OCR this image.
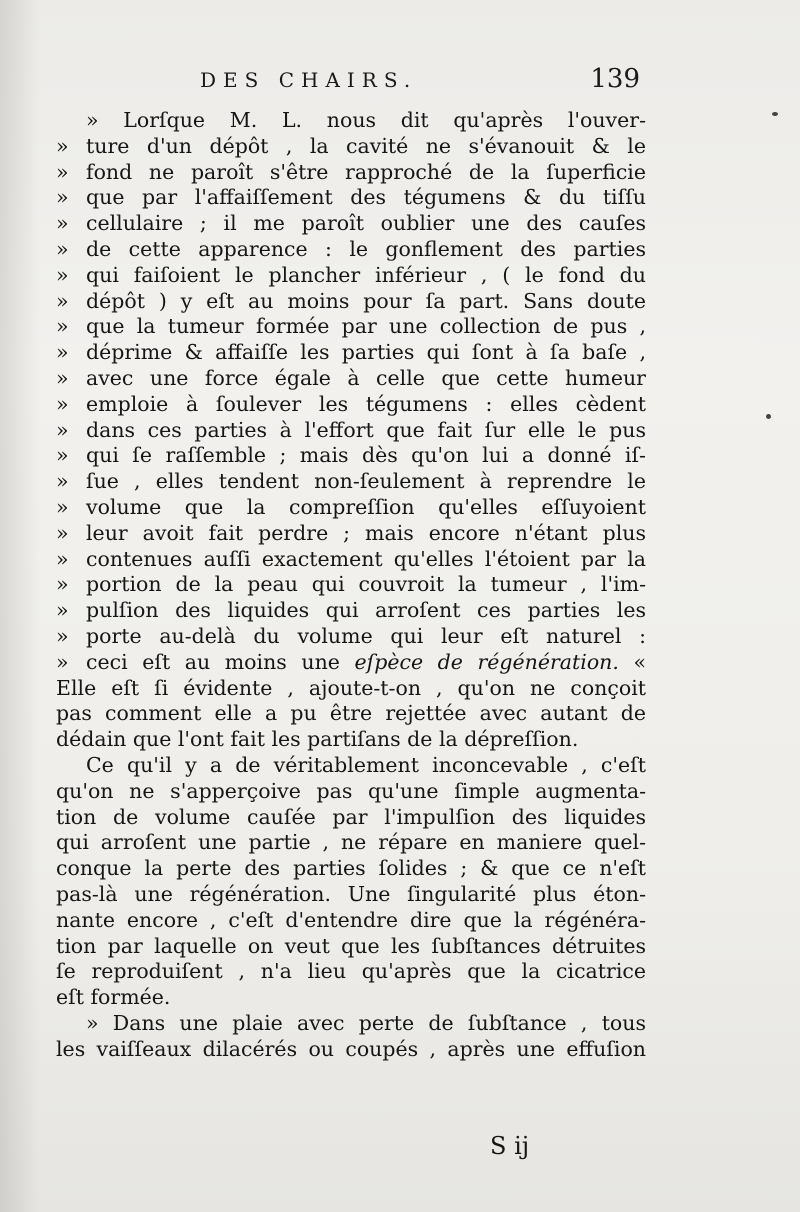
DES CHAIRS.	139
» Lorſque M. L. nous dit qu'après l'ouver-
» ture d'un dépôt , la cavité ne s'évanouit & le
» fond ne paroît s'être rapproché de la ſuperficie
» que par l'affaiſſement des tégumens & du tiſſu
» cellulaire ; il me paroît oublier une des cauſes
» de cette apparence : le gonflement des parties
» qui faiſoient le plancher inférieur , ( le fond du
» dépôt ) y eſt au moins pour ſa part. Sans doute
» que la tumeur formée par une collection de pus ,
» déprime & affaiſſe les parties qui ſont à ſa baſe ,
» avec une force égale à celle que cette humeur
» emploie à ſoulever les tégumens : elles cèdent
» dans ces parties à l'effort que fait ſur elle le pus
» qui ſe raſſemble ; mais dès qu'on lui a donné iſ-
» ſue , elles tendent non-ſeulement à reprendre le
» volume que la compreſſion qu'elles eſſuyoient
» leur avoit fait perdre ; mais encore n'étant plus
» contenues auſſi exactement qu'elles l'étoient par la
» portion de la peau qui couvroit la tumeur , l'im-
» pulſion des liquides qui arroſent ces parties les
» porte au-delà du volume qui leur eſt naturel :
» ceci eſt au moins une eſpèce de régénération. «
Elle eſt ſi évidente , ajoute-t-on , qu'on ne conçoit
pas comment elle a pu être rejettée avec autant de
dédain que l'ont fait les partiſans de la dépreſſion.
Ce qu'il y a de véritablement inconcevable , c'eſt
qu'on ne s'apperçoive pas qu'une ſimple augmenta-
tion de volume cauſée par l'impulſion des liquides
qui arroſent une partie , ne répare en maniere quel-
conque la perte des parties ſolides ; & que ce n'eſt
pas-là une régénération. Une ſingularité plus éton-
nante encore , c'eſt d'entendre dire que la régénéra-
tion par laquelle on veut que les ſubſtances détruites
ſe reproduiſent , n'a lieu qu'après que la cicatrice
eſt formée.
» Dans une plaie avec perte de ſubſtance , tous
les vaiſſeaux dilacérés ou coupés , après une effuſion
S ij
